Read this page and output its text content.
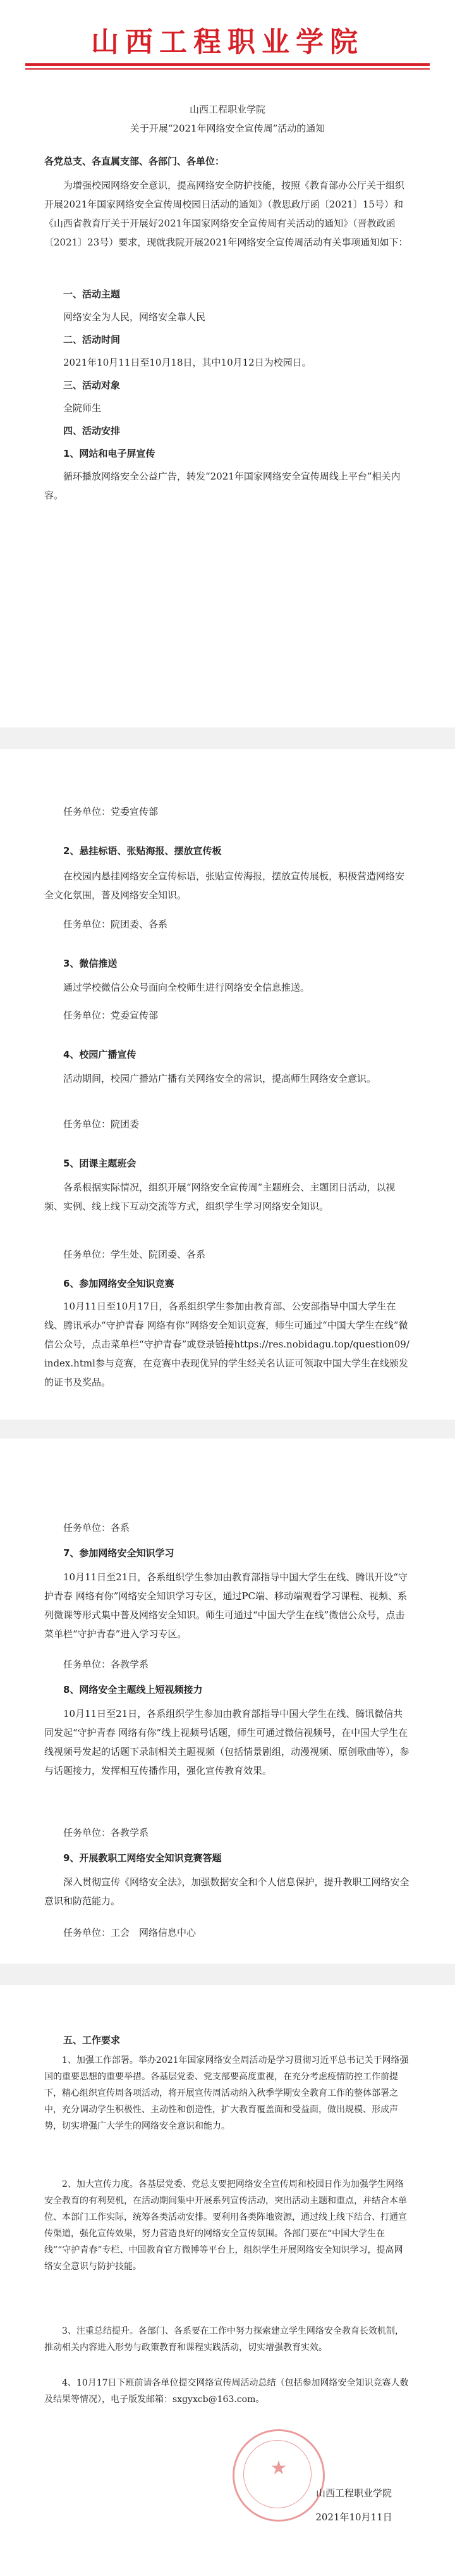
山西工程职业学院
山西工程职业学院
关于开展“2021年网络安全宣传周”活动的通知
各党总支、各直属支部、各部门、各单位：
为增强校园网络安全意识，提高网络安全防护技能，按照《教育部办公厅关于组织开展2021年国家网络安全宣传周校园日活动的通知》（教思政厅函〔2021〕15号）和《山西省教育厅关于开展好2021年国家网络安全宣传周有关活动的通知》（晋教政函〔2021〕23号）要求，现就我院开展2021年网络安全宣传周活动有关事项通知如下：
一、活动主题
网络安全为人民，网络安全靠人民
二、活动时间
2021年10月11日至10月18日，其中10月12日为校园日。
三、活动对象
全院师生
四、活动安排
1、网站和电子屏宣传
循环播放网络安全公益广告，转发“2021年国家网络安全宣传周线上平台”相关内容。
任务单位：党委宣传部
2、悬挂标语、张贴海报、摆放宣传板
在校园内悬挂网络安全宣传标语，张贴宣传海报，摆放宣传展板，积极营造网络安全文化氛围，普及网络安全知识。
任务单位：院团委、各系
3、微信推送
通过学校微信公众号面向全校师生进行网络安全信息推送。
任务单位：党委宣传部
4、校园广播宣传
活动期间，校园广播站广播有关网络安全的常识，提高师生网络安全意识。
任务单位：院团委
5、团课主题班会
各系根据实际情况，组织开展“网络安全宣传周”主题班会、主题团日活动，以视频、实例、线上线下互动交流等方式，组织学生学习网络安全知识。
任务单位：学生处、院团委、各系
6、参加网络安全知识竞赛
10月11日至10月17日，各系组织学生参加由教育部、公安部指导中国大学生在线、腾讯承办“守护青春 网络有你”网络安全知识竞赛，师生可通过“中国大学生在线”微信公众号，点击菜单栏“守护青春”或登录链接https://res.nobidagu.top/question09/index.html参与竞赛，在竞赛中表现优异的学生经关名认证可领取中国大学生在线颁发的证书及奖品。
任务单位：各系
7、参加网络安全知识学习
10月11日至21日，各系组织学生参加由教育部指导中国大学生在线、腾讯开设“守护青春 网络有你”网络安全知识学习专区，通过PC端、移动端观看学习课程、视频、系列微课等形式集中普及网络安全知识。师生可通过“中国大学生在线”微信公众号，点击菜单栏“守护青春”进入学习专区。
任务单位：各教学系
8、网络安全主题线上短视频接力
10月11日至21日，各系组织学生参加由教育部指导中国大学生在线、腾讯微信共同发起“守护青春 网络有你”线上视频号话题，师生可通过微信视频号，在中国大学生在线视频号发起的话题下录制相关主题视频（包括情景剧组，动漫视频、原创歌曲等），参与话题接力，发挥相互传播作用，强化宣传教育效果。
任务单位：各教学系
9、开展教职工网络安全知识竞赛答题
深入贯彻宣传《网络安全法》，加强数据安全和个人信息保护，提升教职工网络安全意识和防范能力。
任务单位：工会　网络信息中心
五、工作要求
1、加强工作部署。举办2021年国家网络安全周活动是学习贯彻习近平总书记关于网络强国的重要思想的重要举措。各基层党委、党支部要高度重视，在充分考虑疫情防控工作前提下，精心组织宣传周各项活动，将开展宣传周活动纳入秋季学期安全教育工作的整体部署之中，充分调动学生积极性、主动性和创造性，扩大教育覆盖面和受益面，做出规模、形成声势，切实增强广大学生的网络安全意识和能力。
2、加大宣传力度。各基层党委、党总支要把网络安全宣传周和校园日作为加强学生网络安全教育的有利契机，在活动期间集中开展系列宣传活动，突出活动主题和重点，并结合本单位、本部门工作实际，统筹各类活动安排。要利用各类阵地资源，通过线上线下结合、打通宣传渠道，强化宣传效果，努力营造良好的网络安全宣传氛围。各部门要在“中国大学生在线”“守护青春”专栏、中国教育官方微博等平台上，组织学生开展网络安全知识学习，提高网络安全意识与防护技能。
3、注重总结提升。各部门、各系要在工作中努力探索建立学生网络安全教育长效机制，推动相关内容进入形势与政策教育和课程实践活动，切实增强教育实效。
4、10月17日下班前请各单位提交网络宣传周活动总结（包括参加网络安全知识竞赛人数及结果等情况），电子版发邮箱：sxgyxcb@163.com。
★
山西工程职业学院
2021年10月11日
